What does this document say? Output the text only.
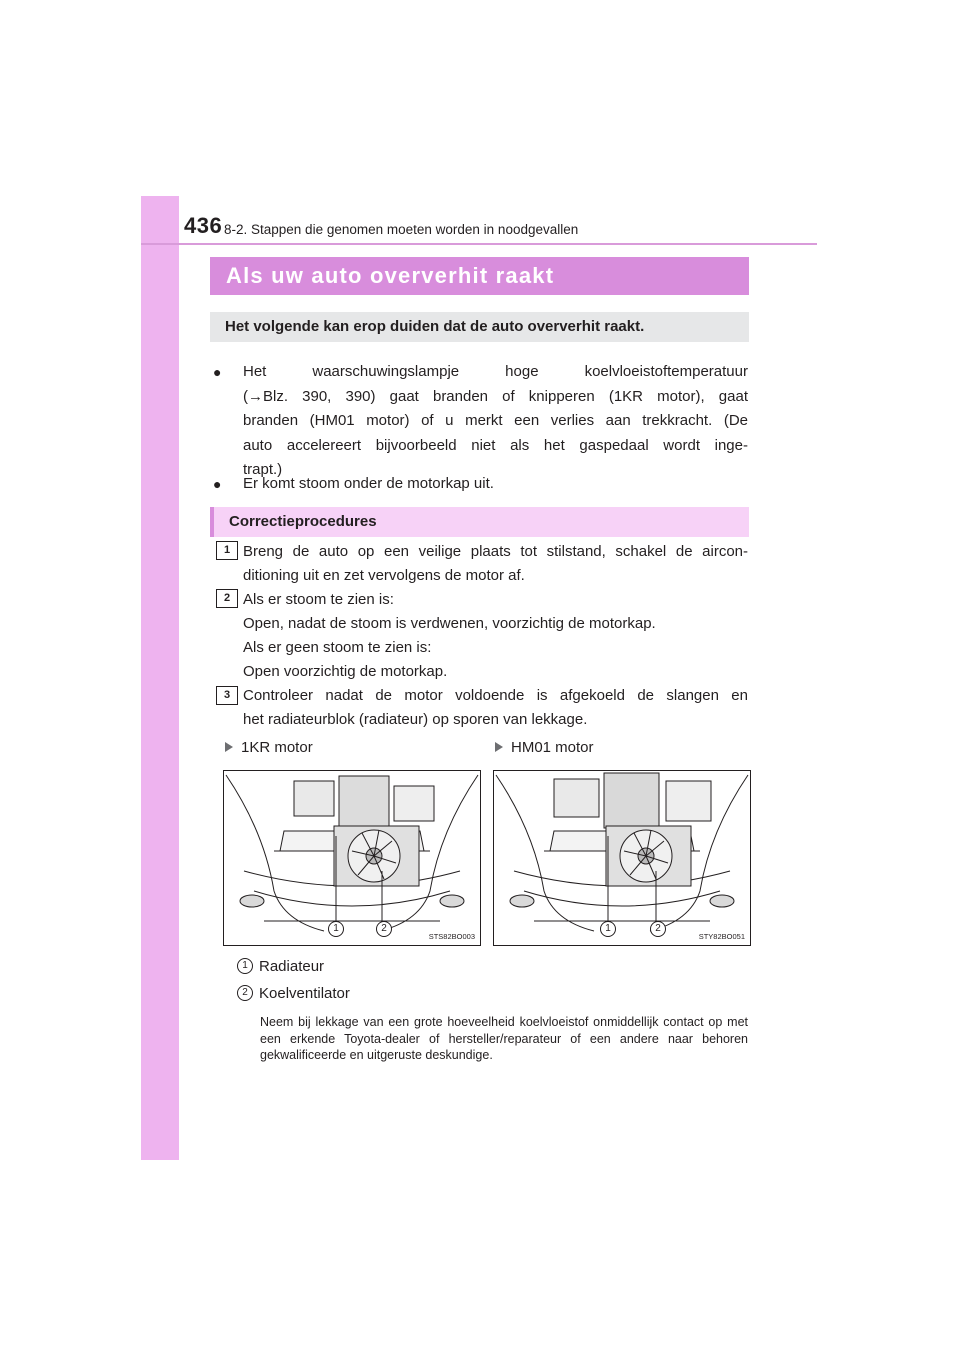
436 8-2. Stappen die genomen moeten worden in noodgevallen
Als uw auto oververhit raakt
Het volgende kan erop duiden dat de auto oververhit raakt.
● Het waarschuwingslampje hoge koelvloeistoftemperatuur
(→Blz. 390, 390) gaat branden of knipperen (1KR motor), gaat
branden (HM01 motor) of u merkt een verlies aan trekkracht. (De
auto accelereert bijvoorbeeld niet als het gaspedaal wordt inge-
trapt.)
● Er komt stoom onder de motorkap uit.
Correctieprocedures
1 Breng de auto op een veilige plaats tot stilstand, schakel de aircon-
ditioning uit en zet vervolgens de motor af.
2 Als er stoom te zien is:
Open, nadat de stoom is verdwenen, voorzichtig de motorkap.
Als er geen stoom te zien is:
Open voorzichtig de motorkap.
3 Controleer nadat de motor voldoende is afgekoeld de slangen en
het radiateurblok (radiateur) op sporen van lekkage.
1KR motor	HM01 motor
1	2
STS82BO003
1	2
STY82BO051
1 Radiateur
2 Koelventilator
Neem bij lekkage van een grote hoeveelheid koelvloeistof onmiddellijk contact op met een erkende Toyota-dealer of hersteller/reparateur of een andere naar behoren gekwalificeerde en uitgeruste deskundige.
